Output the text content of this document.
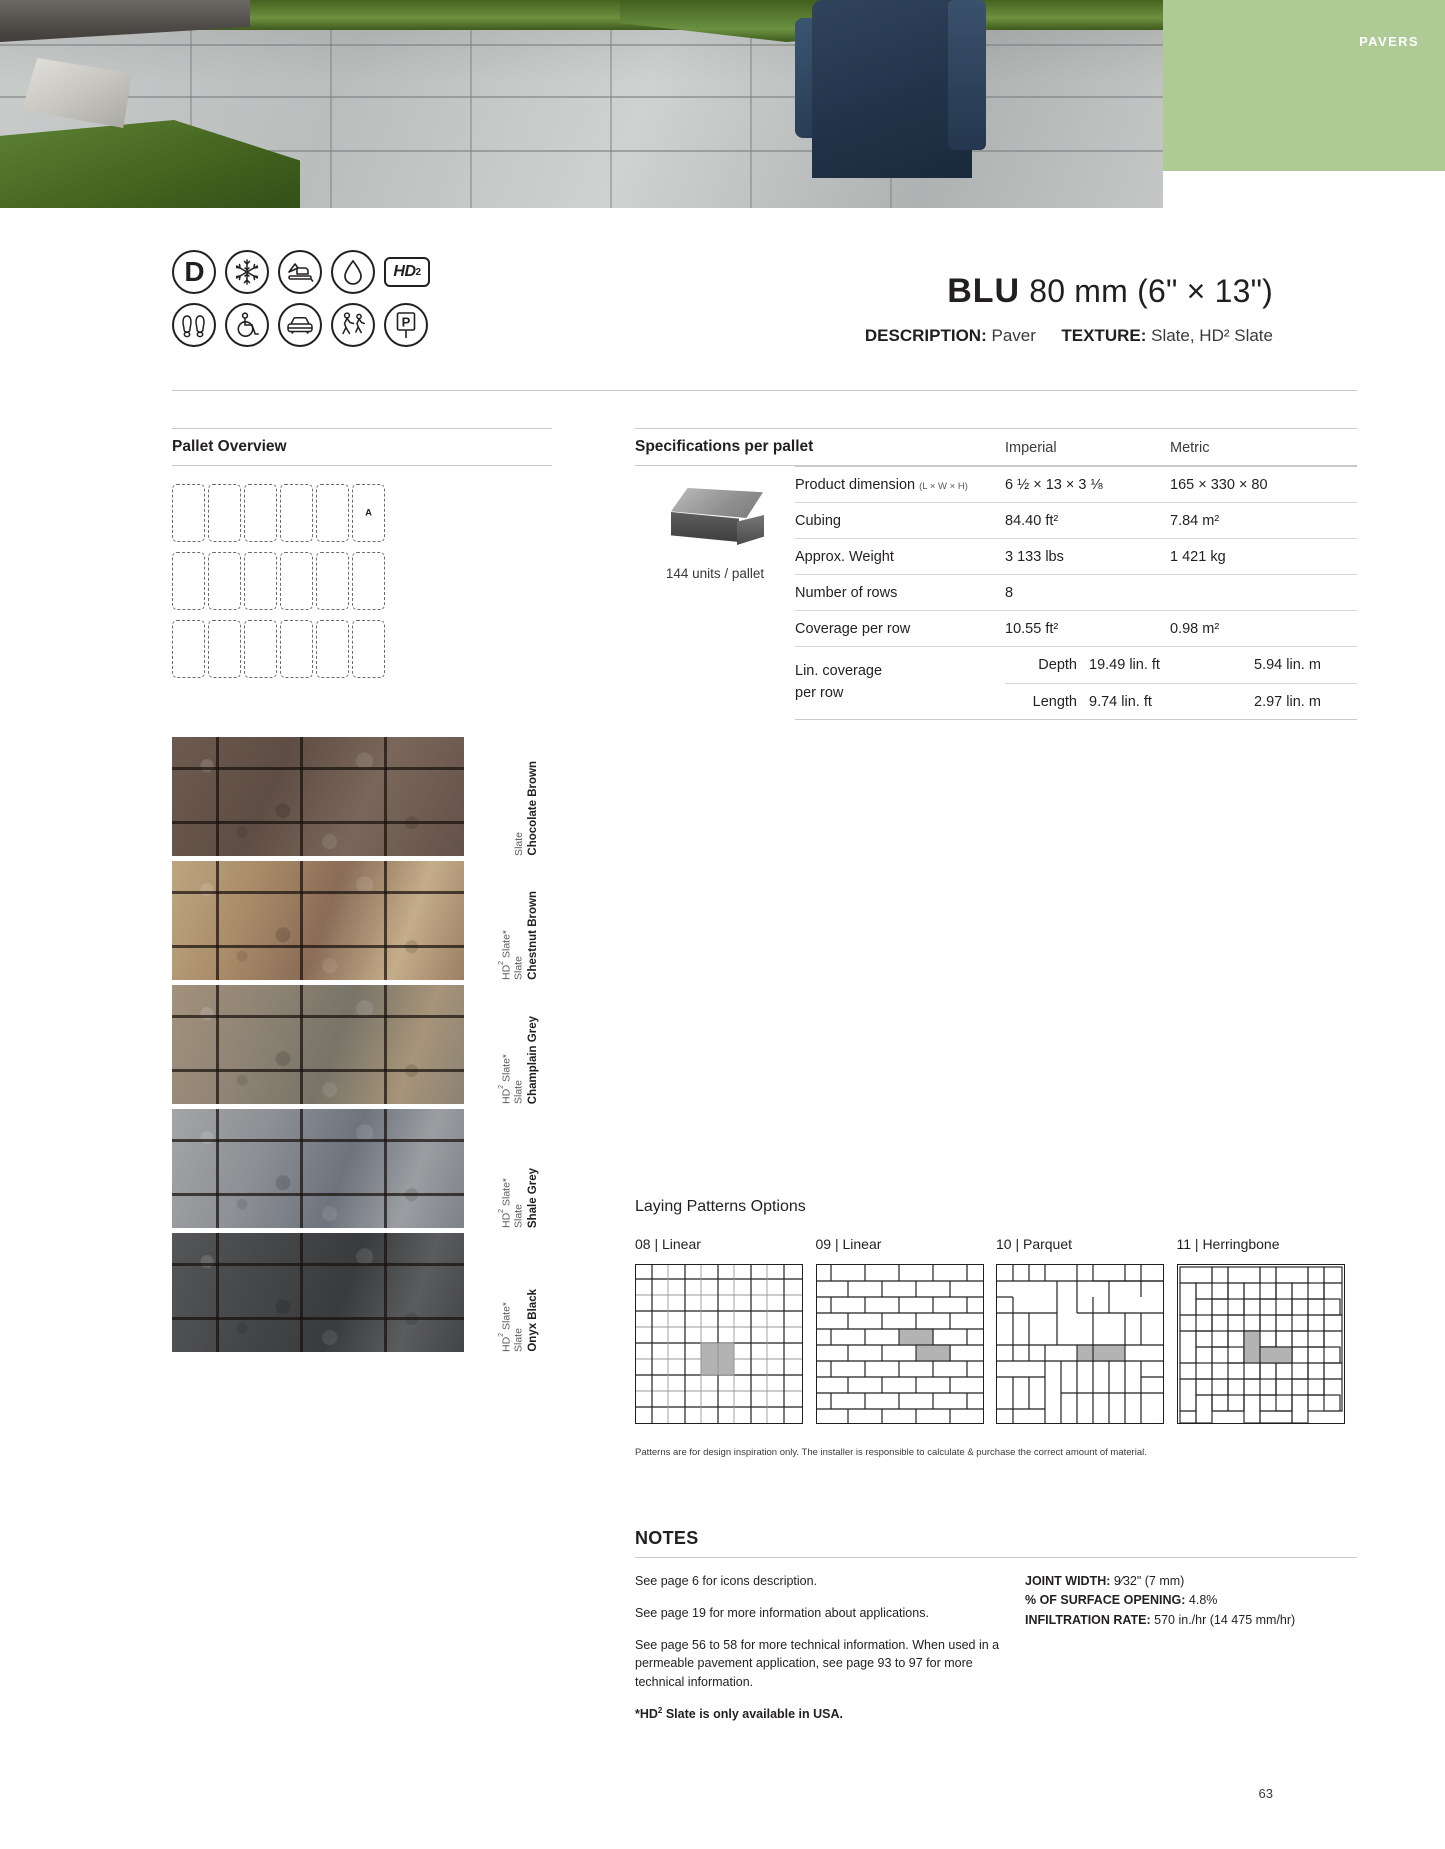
PAVERS
D	HD 2
P
BLU 80 mm (6" × 13")
DESCRIPTION: Paver TEXTURE: Slate, HD² Slate
Pallet Overview
A
Chocolate Brown
Slate
Chestnut Brown
$HD^2$ Slate*
Slate
Champlain Grey
$HD^2$ Slate*
Slate
Shale Grey
$HD^2$ Slate*
Slate
Onyx Black
$HD^2$ Slate*
Slate
Specifications per pallet	Imperial	Metric
144 units / pallet
Product dimension (L × W × H)	6 ½ × 13 × 3 ⅛	165 × 330 × 80
Cubing	84.40 ft²	7.84 m²
Approx. Weight	3 133 lbs	1 421 kg
Number of rows	8
Coverage per row	10.55 ft²	0.98 m²
Lin. coverage
per row
Depth 19.49 lin. ft	5.94 lin. m
Length 9.74 lin. ft	2.97 lin. m
Laying Patterns Options
08 | Linear	09 | Linear	10 | Parquet	11 | Herringbone
Patterns are for design inspiration only. The installer is responsible to calculate & purchase the correct amount of material.
NOTES
See page 6 for icons description.
See page 19 for more information about applications.
See page 56 to 58 for more technical information. When used in a permeable pavement application, see page 93 to 97 for more technical information.
$*HD^2$ Slate is only available in USA.
JOINT WIDTH: 9⁄32" (7 mm)
% OF SURFACE OPENING: 4.8%
INFILTRATION RATE: 570 in./hr (14 475 mm/hr)
63
